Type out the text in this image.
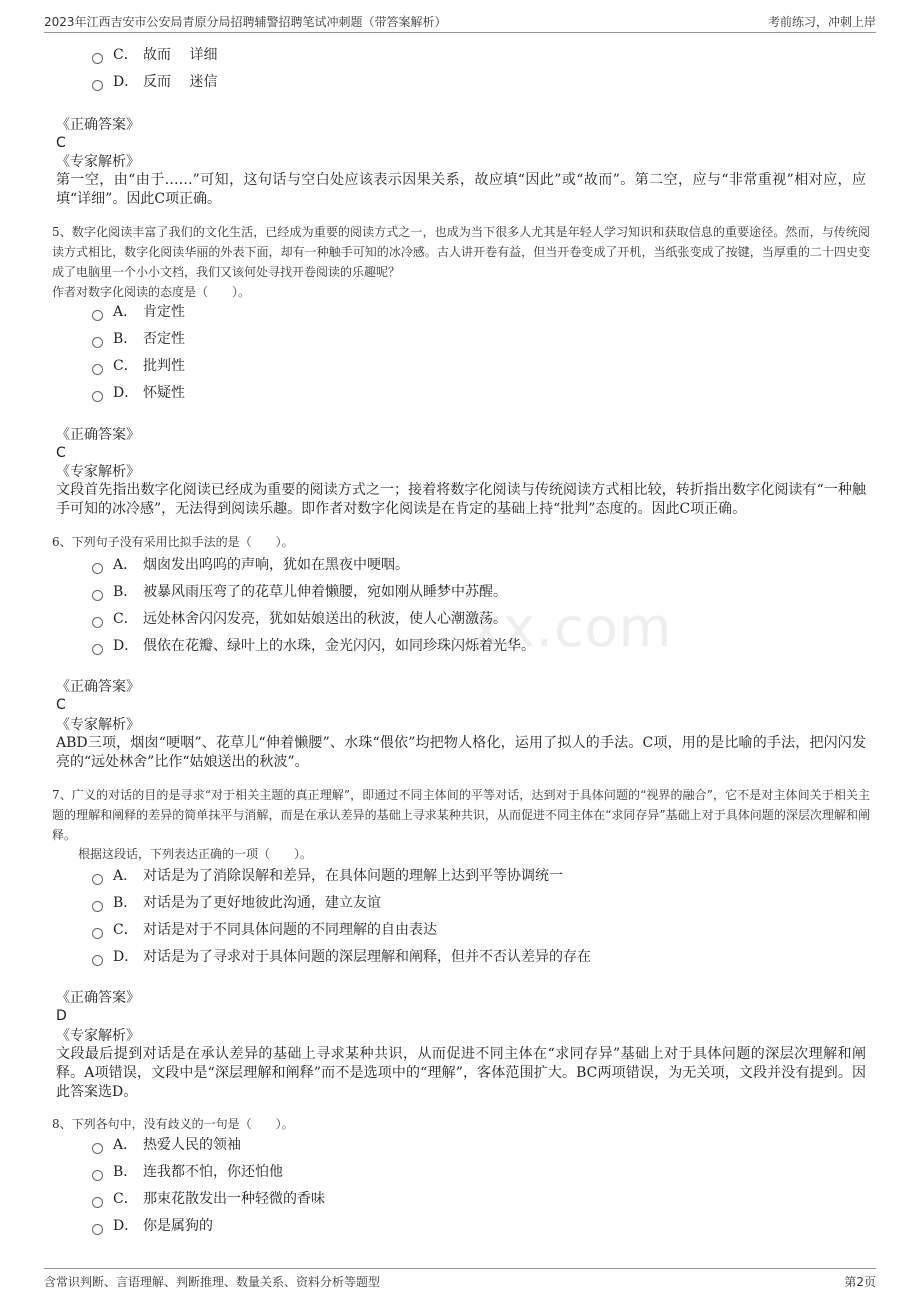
2023年江西吉安市公安局青原分局招聘辅警招聘笔试冲刺题（带答案解析）	考前练习，冲刺上岸
xx.com
C． 故而　 详细
D． 反而　 迷信
《正确答案》
C
《专家解析》
第一空，由“由于……”可知，这句话与空白处应该表示因果关系，故应填“因此”或“故而”。第二空，应与“非常重视”相对应，应填“详细”。因此C项正确。
5、数字化阅读丰富了我们的文化生活，已经成为重要的阅读方式之一，也成为当下很多人尤其是年轻人学习知识和获取信息的重要途径。然而，与传统阅读方式相比，数字化阅读华丽的外表下面，却有一种触手可知的冰冷感。古人讲开卷有益，但当开卷变成了开机，当纸张变成了按键，当厚重的二十四史变成了电脑里一个小小文档，我们又该何处寻找开卷阅读的乐趣呢？
作者对数字化阅读的态度是（　　）。
A． 肯定性
B． 否定性
C． 批判性
D． 怀疑性
《正确答案》
C
《专家解析》
文段首先指出数字化阅读已经成为重要的阅读方式之一；接着将数字化阅读与传统阅读方式相比较，转折指出数字化阅读有“一种触手可知的冰冷感”，无法得到阅读乐趣。即作者对数字化阅读是在肯定的基础上持“批判”态度的。因此C项正确。
6、下列句子没有采用比拟手法的是（　　）。
A． 烟囱发出呜呜的声响，犹如在黑夜中哽咽。
B． 被暴风雨压弯了的花草儿伸着懒腰，宛如刚从睡梦中苏醒。
C． 远处林舍闪闪发亮，犹如姑娘送出的秋波，使人心潮激荡。
D． 偎依在花瓣、绿叶上的水珠，金光闪闪，如同珍珠闪烁着光华。
《正确答案》
C
《专家解析》
ABD三项，烟囱“哽咽”、花草儿“伸着懒腰”、水珠“偎依”均把物人格化，运用了拟人的手法。C项，用的是比喻的手法，把闪闪发亮的“远处林舍”比作“姑娘送出的秋波”。
7、广义的对话的目的是寻求“对于相关主题的真正理解”，即通过不同主体间的平等对话，达到对于具体问题的“视界的融合”，它不是对主体间关于相关主题的理解和阐释的差异的简单抹平与消解，而是在承认差异的基础上寻求某种共识，从而促进不同主体在“求同存异”基础上对于具体问题的深层次理解和阐释。
根据这段话，下列表达正确的一项（　　）。
A． 对话是为了消除误解和差异，在具体问题的理解上达到平等协调统一
B． 对话是为了更好地彼此沟通，建立友谊
C． 对话是对于不同具体问题的不同理解的自由表达
D． 对话是为了寻求对于具体问题的深层理解和阐释，但并不否认差异的存在
《正确答案》
D
《专家解析》
文段最后提到对话是在承认差异的基础上寻求某种共识，从而促进不同主体在“求同存异”基础上对于具体问题的深层次理解和阐释。A项错误，文段中是“深层理解和阐释”而不是选项中的“理解”，客体范围扩大。BC两项错误，为无关项，文段并没有提到。因此答案选D。
8、下列各句中，没有歧义的一句是（　　）。
A． 热爱人民的领袖
B． 连我都不怕，你还怕他
C． 那束花散发出一种轻微的香味
D． 你是属狗的
含常识判断、言语理解、判断推理、数量关系、资料分析等题型	第2页
